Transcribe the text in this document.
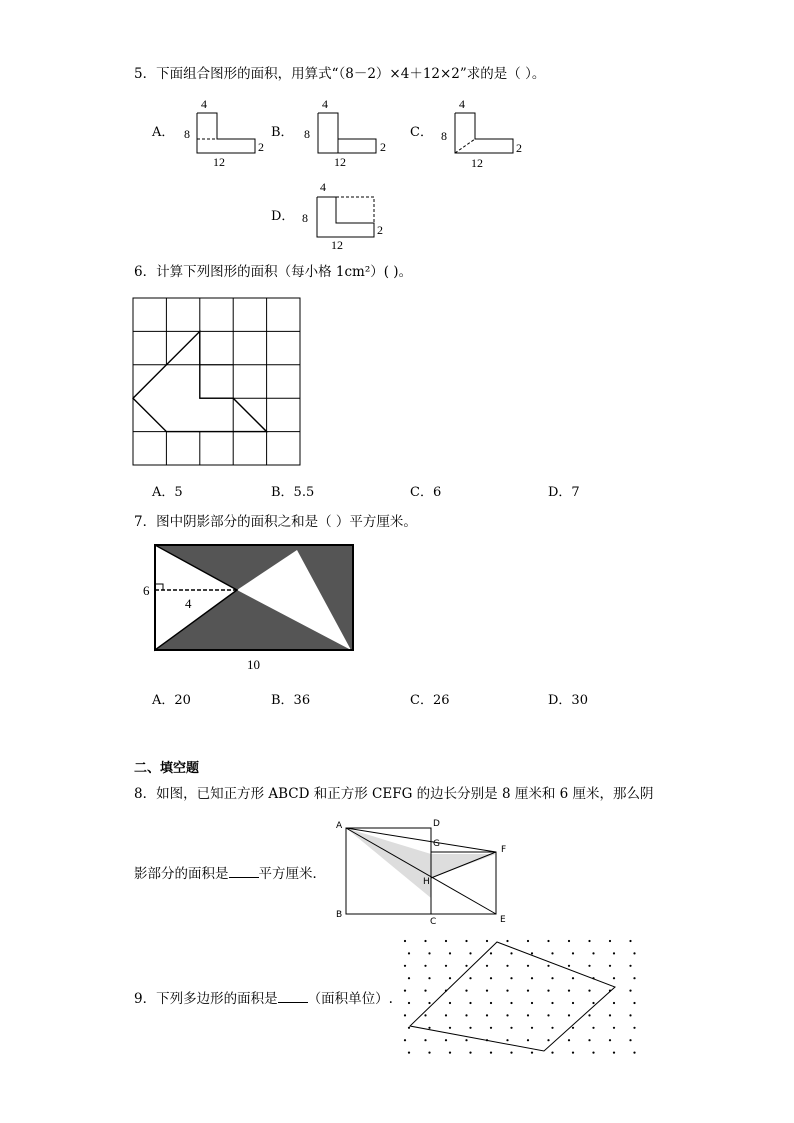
5．下面组合图形的面积，用算式“（8－2）×4＋12×2”求的是（ ）。
A．
4
8
12
2
B．
4
8
12
2
C．
4
8
12
2
D．
4
8
12
2
6．计算下列图形的面积（每小格 1cm²）( )。
A．5	B．5.5	C．6	D．7
7．图中阴影部分的面积之和是（ ）平方厘米。
6
4
10
A．20	B．36	C．26	D．30
二、填空题
8．如图，已知正方形 ABCD 和正方形 CEFG 的边长分别是 8 厘米和 6 厘米，那么阴
影部分的面积是 平方厘米．
A	D
G
F
H
B
C	E
9．下列多边形的面积是 （面积单位）.
